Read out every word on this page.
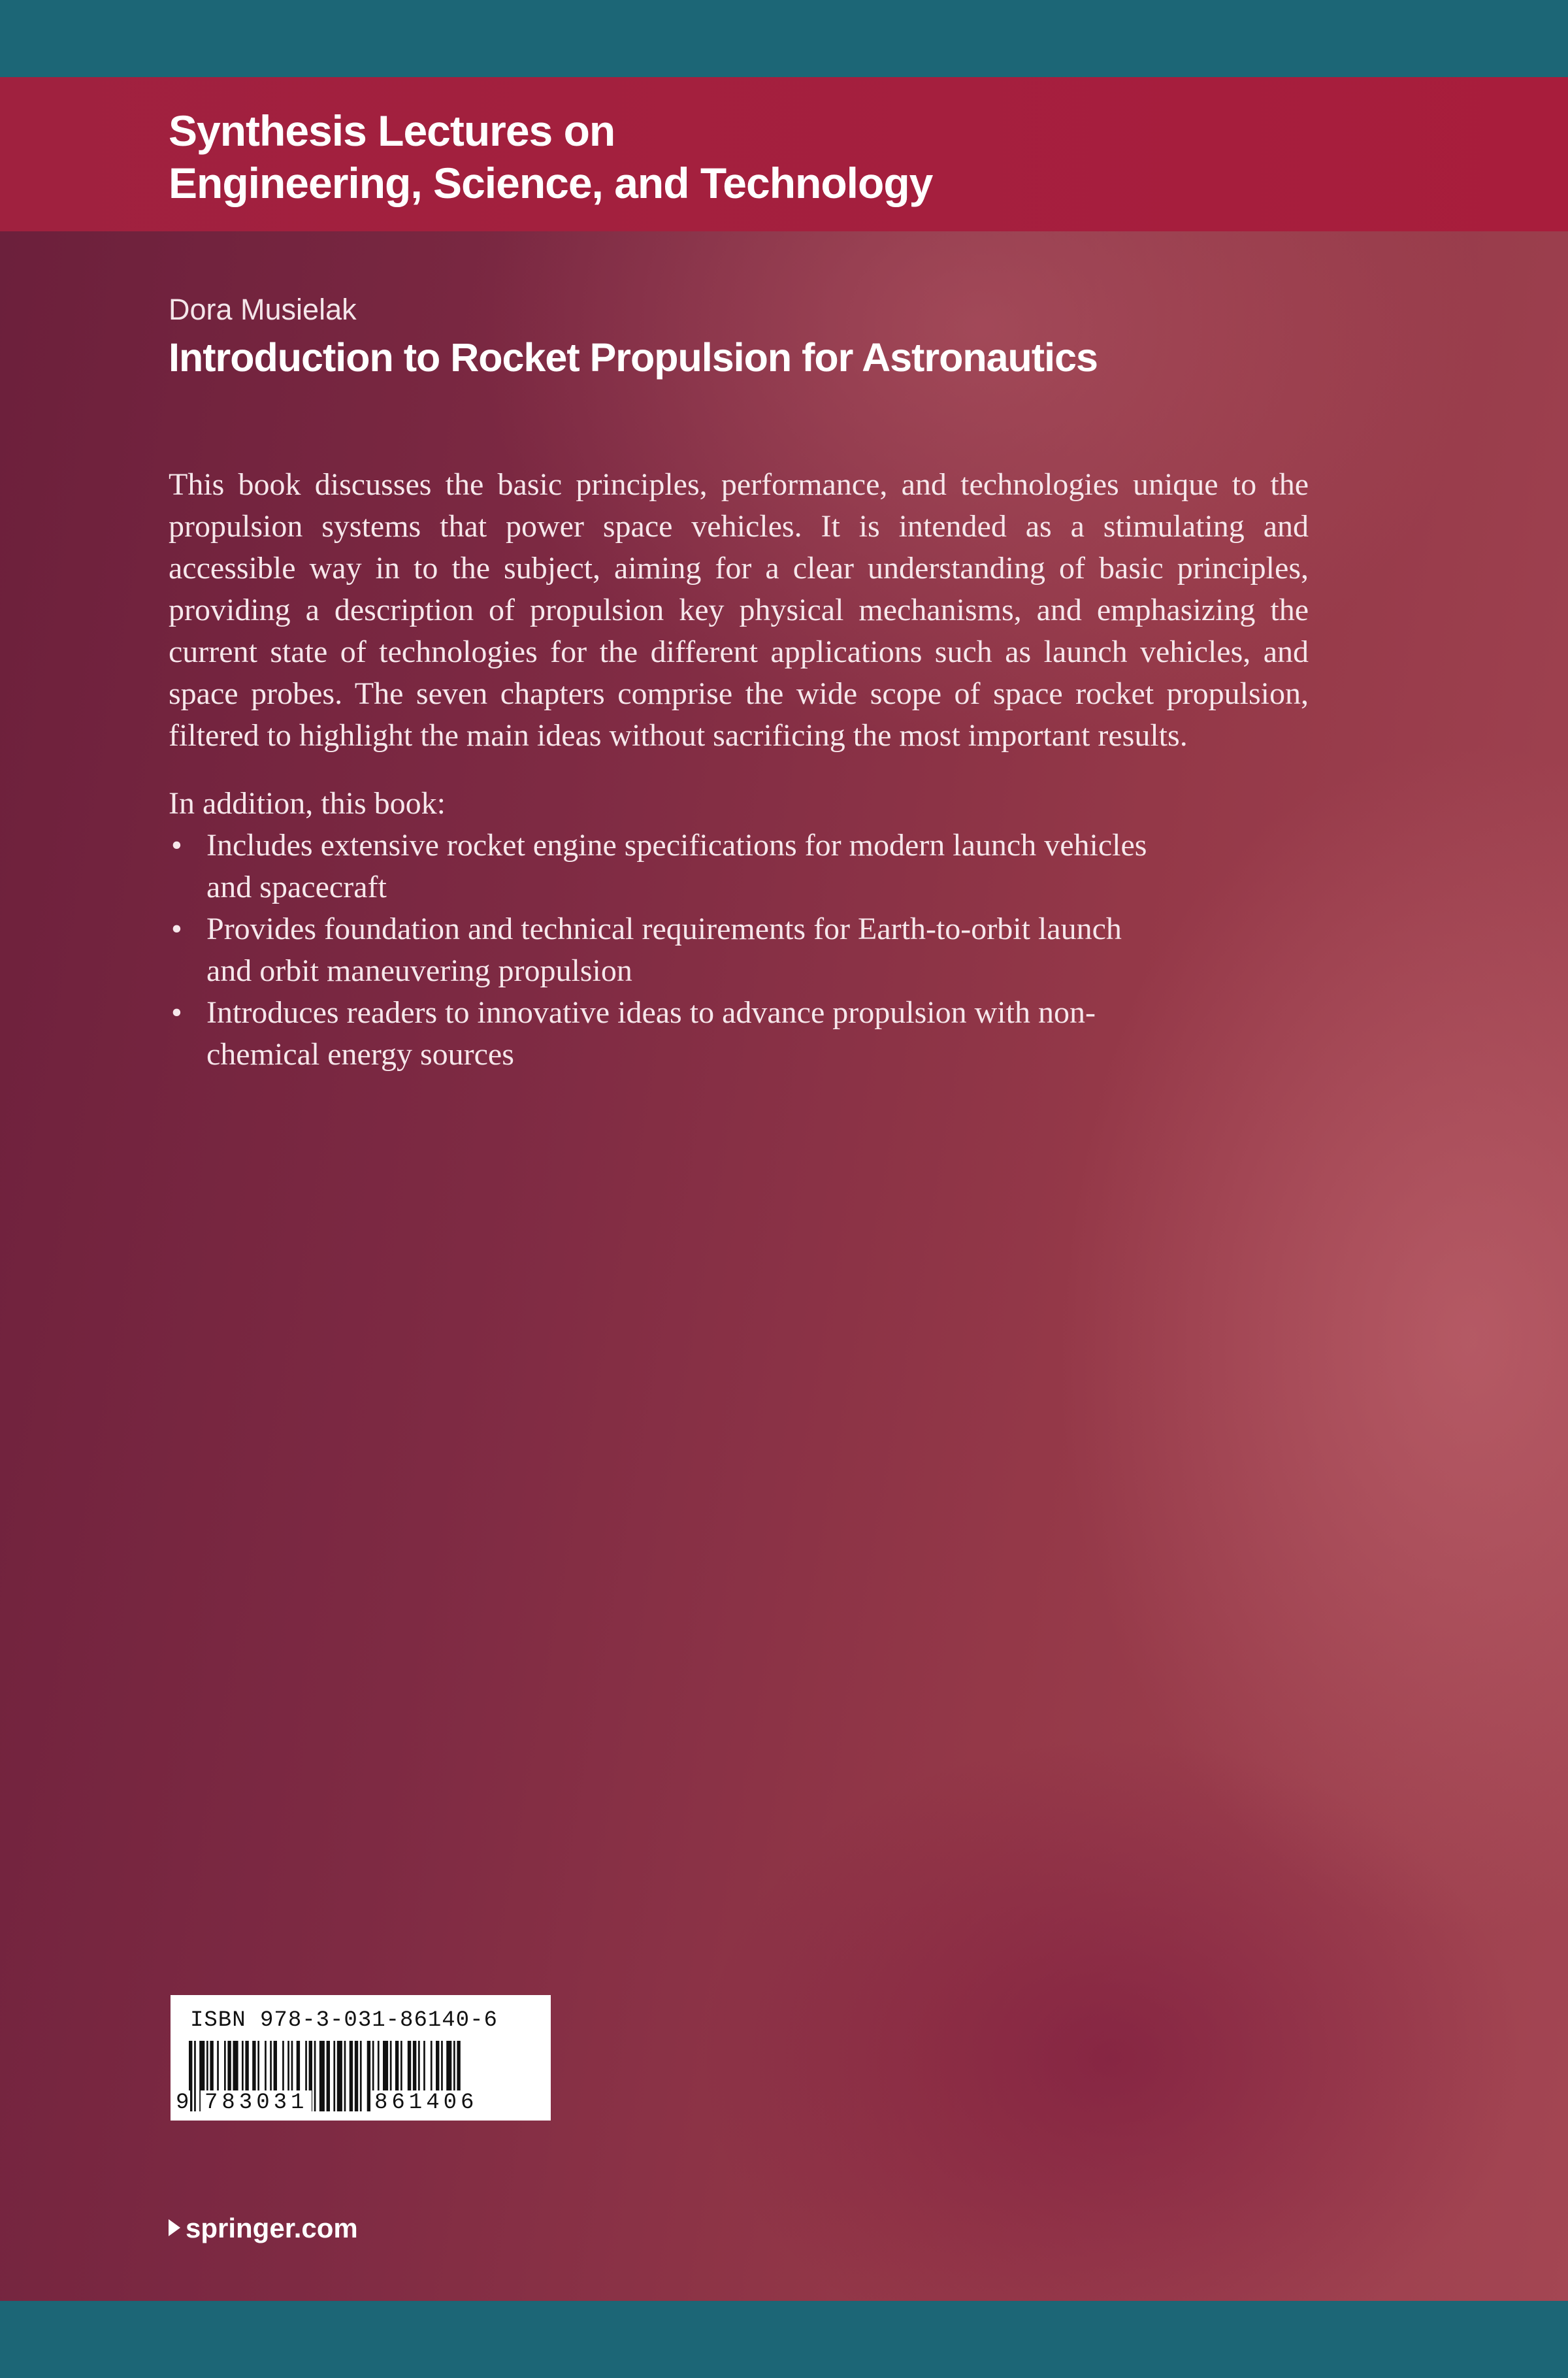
Synthesis Lectures on
Engineering, Science, and Technology
Dora Musielak
Introduction to Rocket Propulsion for Astronautics

This book discusses the basic principles, performance, and technologies unique to the propulsion systems that power space vehicles. It is intended as a stimulating and accessible way in to the subject, aiming for a clear understanding of basic principles, providing a description of propulsion key physical mechanisms, and emphasizing the current state of technologies for the different applications such as launch vehicles, and space probes. The seven chapters comprise the wide scope of space rocket propulsion, filtered to highlight the main ideas without sacrificing the most important results.

In addition, this book:
• Includes extensive rocket engine specifications for modern launch vehicles and spacecraft
• Provides foundation and technical requirements for Earth-to-orbit launch and orbit maneuvering propulsion
• Introduces readers to innovative ideas to advance propulsion with non-chemical energy sources
ISBN 978-3-031-86140-6
9 783031	861406
springer.com
